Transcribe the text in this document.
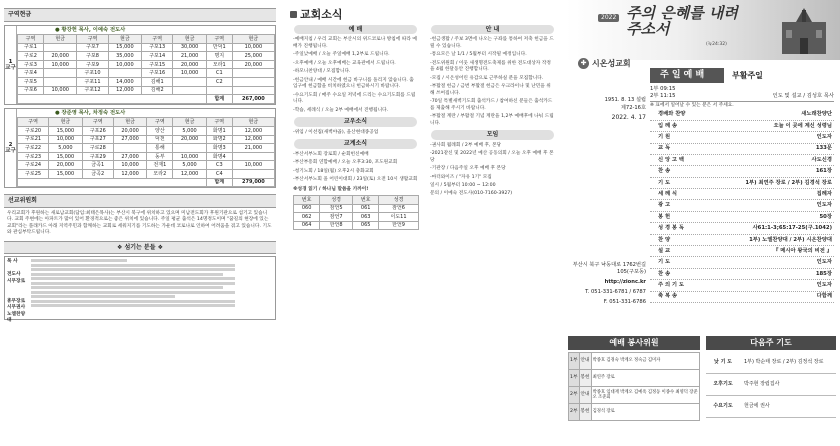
구역현금
1 교구
● 황강헌 목사, 이예숙 전도사
구역	현금	구역	현금	구역	현금	구역	현금
구로1		구포7	15,000	구포13	30,000	만덕1	10,000
구로2	20,000	구포8	35,000	구포14	21,000	명지	25,000
구로3	10,000	구포9	10,000	구포15	20,000	모라1	20,000
구포4		구포10		구포16	10,000	C1	
구포5		구포11	14,000	김해1		C2	
구포6	10,000	구포12	12,000	김해2			
						합계	267,000
2 교구
● 장준영 목사, 차정숙 전도사
구역	현금	구역	현금	구역	현금	구역	현금
구로20	15,000	구포26	20,000	양산	5,000	화명1	12,000
구로21	10,000	구포27	27,000	덕천	20,000	화명2	12,000
구로22	5,000	구로28		통해		화명3	21,000
구로23	15,000	구포29	27,000	동부	10,000	화명4	
구로24	20,000	금곡1	10,000	전재1	5,000	C3	10,000
구로25	15,000	금곡2	12,000	모라2	12,000	C4	
						합계	279,000
선교위원회
우리교회가 후원하는 새로남교회(담임:최태은목사)는 부산시 북구에 위치하고 있으며 미남전도회가 후원기관으로 섬기고 있습니다. 교회 주변에는 아파트가 많이 있어 환경적으로는 좋은 위치에 있습니다. 주일 평균 출석은 14명정도이며 "꿈길의 현장에 있는 교회"라는 플래카드 아래 지역주민과 함께하는 교회로 세워지기를 기도하는 가운데 코로나로 인하여 어려움을 겪고 있습니다. 기도와 관심부탁드립니다.
❖ 섬기는 분들 ❖
목 사

전도사
시무장로

휴무장로
시무권사
노엘찬양대
교회소식
예 배
-예배지침 / 우리 교회는 부산시의 위드코로나 방침에 따라 예배가 진행됩니다.
-주일낮예배 / 오늘 주일예배 1,2부로 드립니다.
-오후예배 / 오늘 오후예배는 교육관에서 드립니다.
-하모니찬양대 / 모집합니다.
-헌금안내 / 예배 시간에 헌금 바구니를 돌리지 않습니다. 출입구에 헌금함을 비치하였으니 헌금하시기 바랍니다.
-수요기도회 / 매주 수요일 저녁에 드리는 수요기도회를 드립니다.
-학습, 세례식 / 오늘 2부 예배에서 진행됩니다.
교우소식
-위임 / 이선집(새벽야곱), 을산현대종공업
교계소식
-부산서부노회 장로회 / 순회헌신예배
-부산부흥회 연합예배 / 오늘 오후3:30, 포도원교회
-청기노회 / 18일(월) 오후2시 충화교회
-부산서부노회 올 어린이대회 / 23일(토) 오전 10시 생활교회
※성경 읽기 / 하나님 말씀을 가까이!
번호	성경	번호	성경
060	잠언5	061	잠언6
062	잠언7	063	이도11
064	한언8	065	한언9
안 내
-헌금생활 / 주보 3면에 나오는 구좌를 통하여 저축 헌금을 드릴 수 있습니다.
-통요모은 날 1/1 / 5월부터 시작될 예정입니다.
-전도위원회 / 이웃 새생명전도축제를 위한 전도대상자 작정을 4월 한달동안 진행합니다.
-모집 / 시온성어린 유감으로 근무하실 분을 모집합니다.
-부활절 헌금 / 금번 부활절 헌금은 우크라이나 및 난민을 위해 쓰여집니다.
-70일 특별새벽기도회 출석카드 / 참여하신 분들은 출석카드를 제출해 주시기 바랍니다.
-부활절 계란 / 부활절 기념 계란을 1,2부 예배후에 나눠 드립니다.
모임
-권사회 월례회 / 2부 예배 후, 본당
-2021같신 및 2022년 예산 공동의회 / 오늘 오후 예배 후 본당
-기관장 / 다음주일 오후 예배 후 본당
-마더와이즈 / "자유 1기" 모집
일시 / 5월부터 10:00 ~ 12:00
문의 / 이예숙 전도사(010-7160-3927)
2022 주의 은혜를 내려주소서
(눅24:32)
✚ 시온성교회
1951. 8. 13 설립
제72-16호
2022. 4. 17
부산시 북구 낙동대로 1762번길 105(구포동)
http://zionc.kr
T. 051-331-6781 / 6787
F. 051-331-6786
주 일 예 배	부활주일
1부 09:15
2부 11:15	인도 및 설교 / 김성호 목사
※ 표에서 일어날 수 있는 분은 서 주세요.
경배와 찬양	새노래찬양단
입 례 송	오늘 이 곳에 계신 성령님
기 원	인도자
교 독	133문
신 앙 고 백	사도신경
찬 송	161장
기 도	1부) 최연주 장로 / 2부) 김경석 장로
세 례 식	집례자
광 고	인도자
봉 헌	50장
성 경 봉 독	사61:1-3;65:17-25(구.1042)
찬 양	1부) 노엘찬양대 / 2부) 시온찬양대
설 교	『 메시아 왕국의 비전 』
기 도	인도자
찬 송	185장
주 의 기 도	인도자
축 복 송	다함께
예배 봉사위원
1부	안내	박종호 김경숙 박계오 정숙금 김미자
1부	봉헌	최연주 장로
2부	안내	박종호 임대재 박계오 김예옥 김정동 이종수 최영덕 장준오 조준회
2부	봉헌	김경석 장로
다음주 기도
낮 기 도	1부) 박순태 장로 / 2부) 김정석 장로
오후기도	박주현 장립집사
수요기도	헌금에 권사
